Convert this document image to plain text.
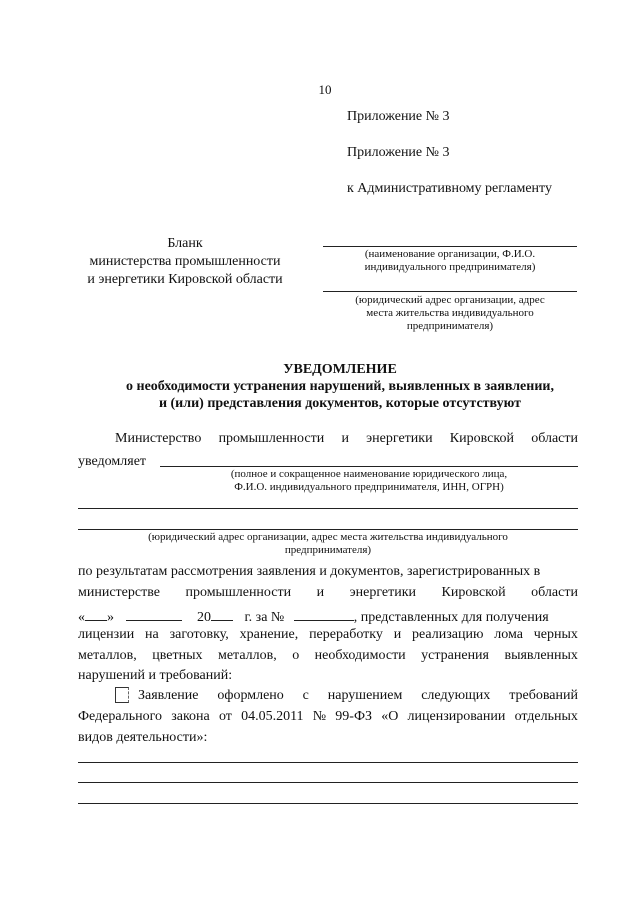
10
Приложение № 3
Приложение № 3
к Административному регламенту
Бланк
министерства промышленности
и энергетики Кировской области
(наименование организации, Ф.И.О.
индивидуального предпринимателя)
(юридический адрес организации, адрес
места жительства индивидуального
предпринимателя)
УВЕДОМЛЕНИЕ
о необходимости устранения нарушений, выявленных в заявлении,
и (или) представления документов, которые отсутствуют
Министерство промышленности и энергетики Кировской области
уведомляет
(полное и сокращенное наименование юридического лица,
Ф.И.О. индивидуального предпринимателя, ИНН, ОГРН)
(юридический адрес организации, адрес места жительства индивидуального
предпринимателя)
по результатам рассмотрения заявления и документов, зарегистрированных в
министерстве промышленности и энергетики Кировской области
« »	20 г. за №	, представленных для получения
лицензии на заготовку, хранение, переработку и реализацию лома черных
металлов, цветных металлов, о необходимости устранения выявленных
нарушений и требований:
Заявление оформлено с нарушением следующих требований
Федерального закона от 04.05.2011 № 99-ФЗ «О лицензировании отдельных
видов деятельности»:
